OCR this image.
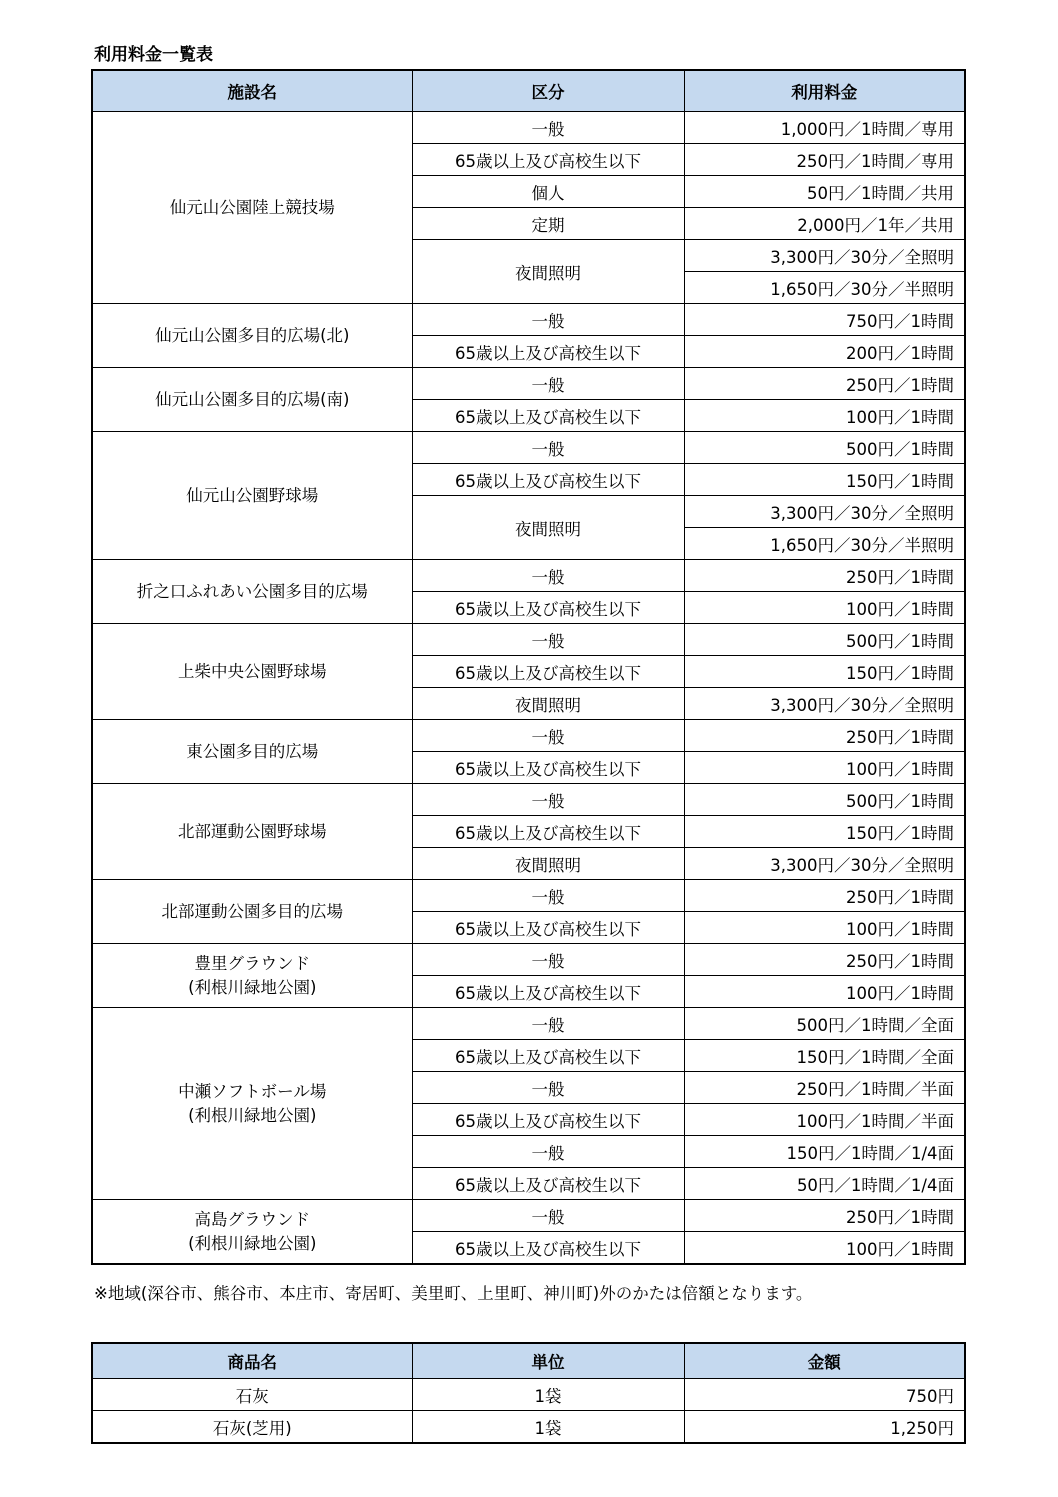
利用料金一覧表
施設名	区分	利用料金

仙元山公園陸上競技場	一般	1,000円／1時間／専用
	65歳以上及び高校生以下	250円／1時間／専用
	個人	50円／1時間／共用
	定期	2,000円／1年／共用
	夜間照明	3,300円／30分／全照明
		1,650円／30分／半照明

仙元山公園多目的広場(北)	一般	750円／1時間
	65歳以上及び高校生以下	200円／1時間

仙元山公園多目的広場(南)	一般	250円／1時間
	65歳以上及び高校生以下	100円／1時間

仙元山公園野球場	一般	500円／1時間
	65歳以上及び高校生以下	150円／1時間
	夜間照明	3,300円／30分／全照明
		1,650円／30分／半照明

折之口ふれあい公園多目的広場	一般	250円／1時間
	65歳以上及び高校生以下	100円／1時間

上柴中央公園野球場	一般	500円／1時間
	65歳以上及び高校生以下	150円／1時間
	夜間照明	3,300円／30分／全照明

東公園多目的広場	一般	250円／1時間
	65歳以上及び高校生以下	100円／1時間

北部運動公園野球場	一般	500円／1時間
	65歳以上及び高校生以下	150円／1時間
	夜間照明	3,300円／30分／全照明

北部運動公園多目的広場	一般	250円／1時間
	65歳以上及び高校生以下	100円／1時間

豊里グラウンド
(利根川緑地公園)	一般	250円／1時間
	65歳以上及び高校生以下	100円／1時間

中瀬ソフトボール場
(利根川緑地公園)	一般	500円／1時間／全面
	65歳以上及び高校生以下	150円／1時間／全面
	一般	250円／1時間／半面
	65歳以上及び高校生以下	100円／1時間／半面
	一般	150円／1時間／1/4面
	65歳以上及び高校生以下	50円／1時間／1/4面

高島グラウンド
(利根川緑地公園)	一般	250円／1時間
	65歳以上及び高校生以下	100円／1時間
※地域(深谷市、熊谷市、本庄市、寄居町、美里町、上里町、神川町)外のかたは倍額となります。
商品名	単位	金額
石灰	1袋	750円
石灰(芝用)	1袋	1,250円
